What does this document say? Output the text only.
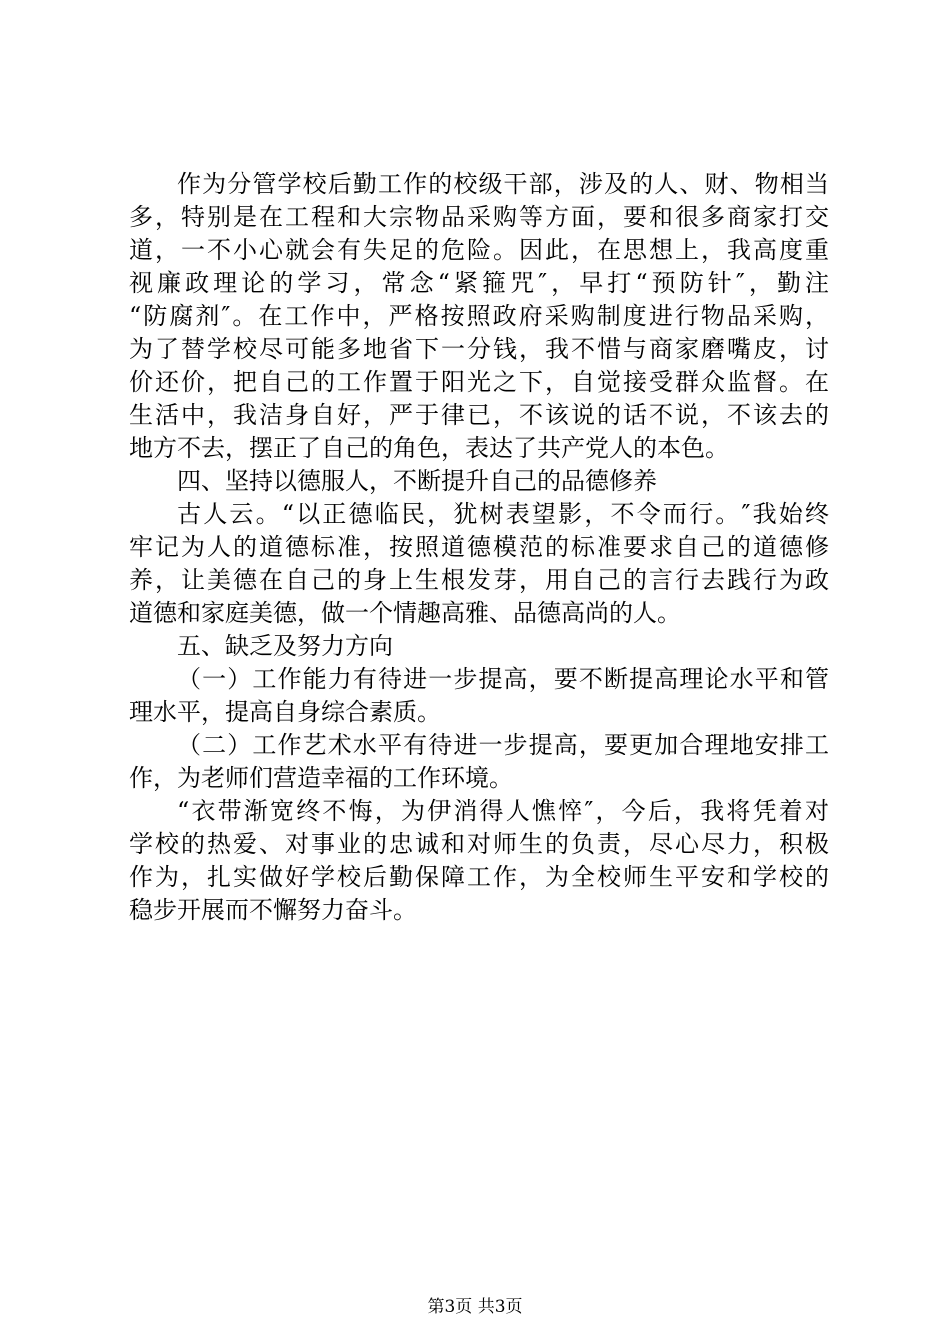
作为分管学校后勤工作的校级干部，涉及的人、财、物相当
多，特别是在工程和大宗物品采购等方面，要和很多商家打交
道，一不小心就会有失足的危险。因此，在思想上，我高度重
视廉政理论的学习，常念“紧箍咒″，早打“预防针″，勤注
“防腐剂″。在工作中，严格按照政府采购制度进行物品采购，
为了替学校尽可能多地省下一分钱，我不惜与商家磨嘴皮，讨
价还价，把自己的工作置于阳光之下，自觉接受群众监督。在
生活中，我洁身自好，严于律已，不该说的话不说，不该去的
地方不去，摆正了自己的角色，表达了共产党人的本色。
四、坚持以德服人，不断提升自己的品德修养
古人云。“以正德临民，犹树表望影，不令而行。″我始终
牢记为人的道德标准，按照道德模范的标准要求自己的道德修
养，让美德在自己的身上生根发芽，用自己的言行去践行为政
道德和家庭美德，做一个情趣高雅、品德高尚的人。
五、缺乏及努力方向
（一）工作能力有待进一步提高，要不断提高理论水平和管
理水平，提高自身综合素质。
（二）工作艺术水平有待进一步提高，要更加合理地安排工
作，为老师们营造幸福的工作环境。
“衣带渐宽终不悔，为伊消得人憔悴″，今后，我将凭着对
学校的热爱、对事业的忠诚和对师生的负责，尽心尽力，积极
作为，扎实做好学校后勤保障工作，为全校师生平安和学校的
稳步开展而不懈努力奋斗。
第3页 共3页
